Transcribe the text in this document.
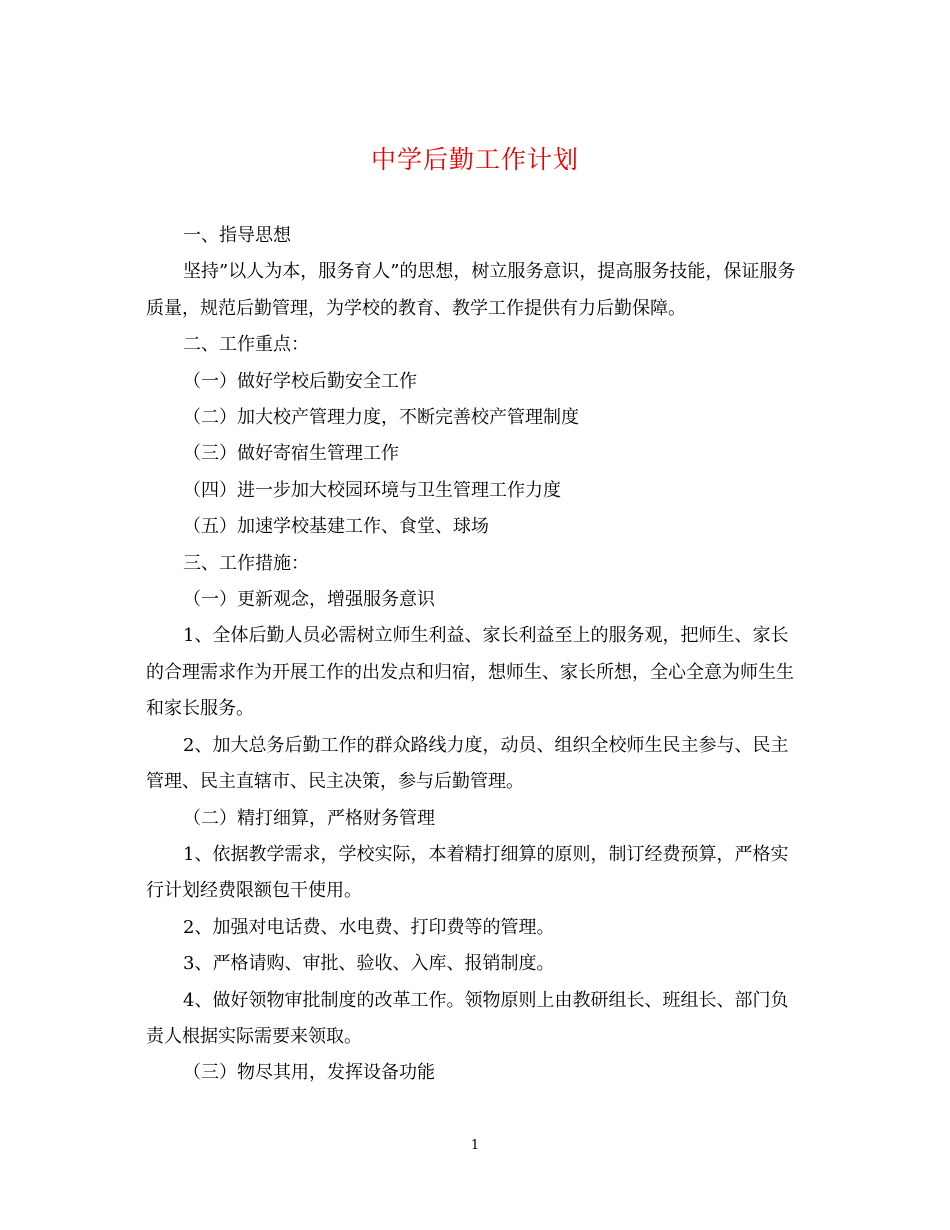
中学后勤工作计划

一、指导思想

坚持”以人为本，服务育人”的思想，树立服务意识，提高服务技能，保证服务质量，规范后勤管理，为学校的教育、教学工作提供有力后勤保障。

二、工作重点：

（一）做好学校后勤安全工作

（二）加大校产管理力度，不断完善校产管理制度

（三）做好寄宿生管理工作

（四）进一步加大校园环境与卫生管理工作力度

（五）加速学校基建工作、食堂、球场

三、工作措施：

（一）更新观念，增强服务意识

1、全体后勤人员必需树立师生利益、家长利益至上的服务观，把师生、家长的合理需求作为开展工作的出发点和归宿，想师生、家长所想，全心全意为师生生和家长服务。

2、加大总务后勤工作的群众路线力度，动员、组织全校师生民主参与、民主管理、民主直辖市、民主决策，参与后勤管理。

（二）精打细算，严格财务管理

1、依据教学需求，学校实际，本着精打细算的原则，制订经费预算，严格实行计划经费限额包干使用。

2、加强对电话费、水电费、打印费等的管理。

3、严格请购、审批、验收、入库、报销制度。

4、做好领物审批制度的改革工作。领物原则上由教研组长、班组长、部门负责人根据实际需要来领取。

（三）物尽其用，发挥设备功能

1
